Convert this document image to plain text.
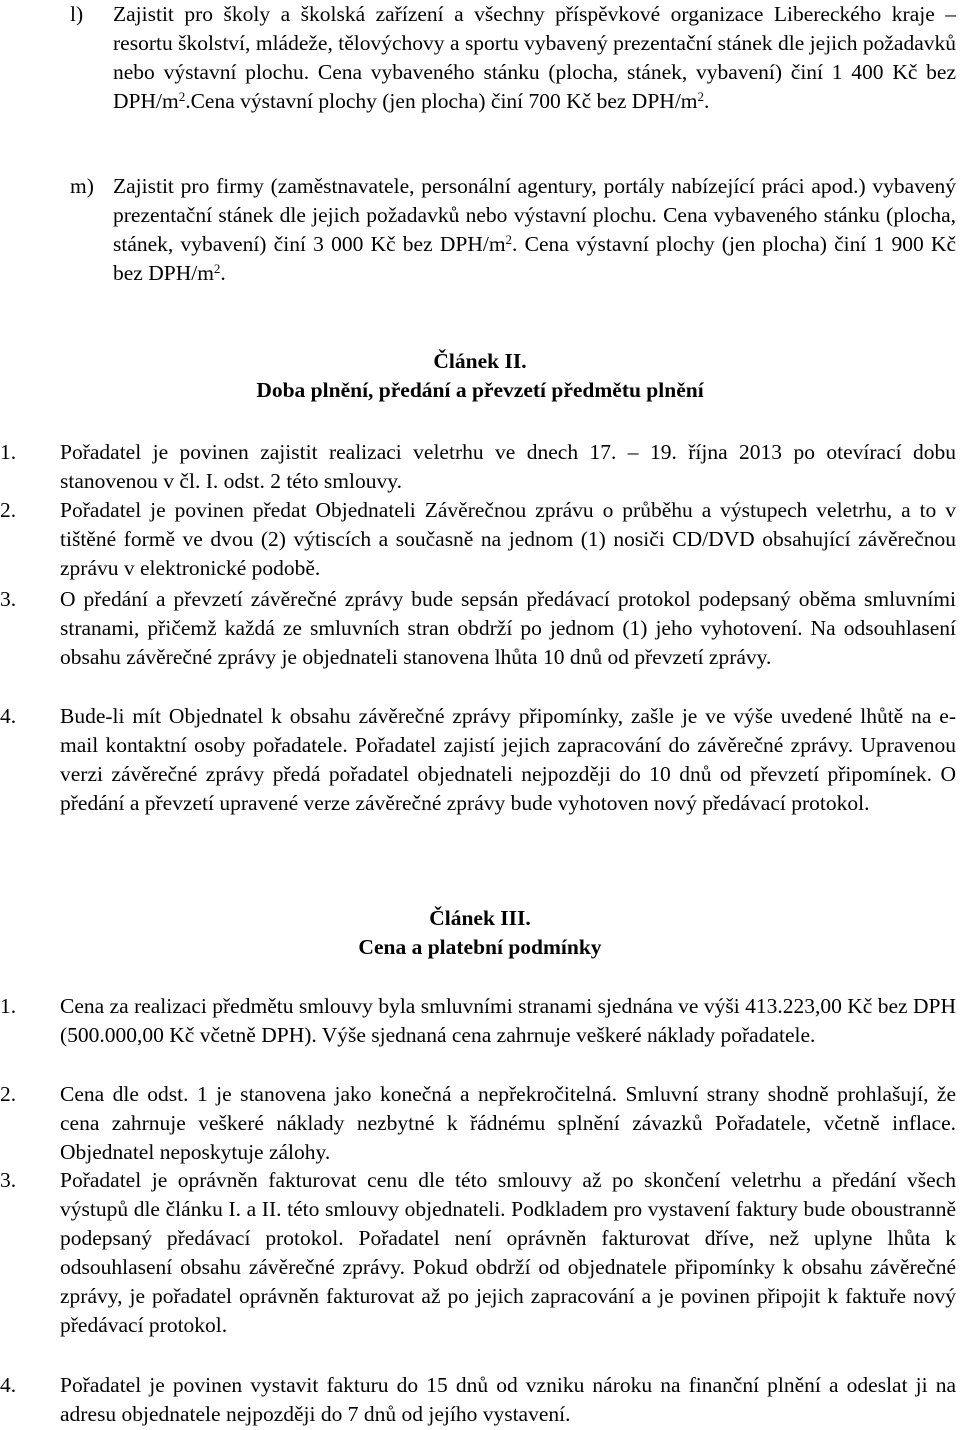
l) Zajistit pro školy a školská zařízení a všechny příspěvkové organizace Libereckého kraje – resortu školství, mládeže, tělovýchovy a sportu vybavený prezentační stánek dle jejich požadavků nebo výstavní plochu. Cena vybaveného stánku (plocha, stánek, vybavení) činí 1 400 Kč bez DPH/$m^2.Cena$ výstavní plochy (jen plocha) činí 700 Kč bez DPH/$m^2$.
m) Zajistit pro firmy (zaměstnavatele, personální agentury, portály nabízející práci apod.) vybavený prezentační stánek dle jejich požadavků nebo výstavní plochu. Cena vybaveného stánku (plocha, stánek, vybavení) činí 3 000 Kč bez DPH/$m^2$. Cena výstavní plochy (jen plocha) činí 1 900 Kč bez DPH/$m^2$.
Článek II.
Doba plnění, předání a převzetí předmětu plnění
1. Pořadatel je povinen zajistit realizaci veletrhu ve dnech 17. – 19. října 2013 po otevírací dobu stanovenou v čl. I. odst. 2 této smlouvy.
2. Pořadatel je povinen předat Objednateli Závěrečnou zprávu o průběhu a výstupech veletrhu, a to v tištěné formě ve dvou (2) výtiscích a současně na jednom (1) nosiči CD/DVD obsahující závěrečnou zprávu v elektronické podobě.
3. O předání a převzetí závěrečné zprávy bude sepsán předávací protokol podepsaný oběma smluvními stranami, přičemž každá ze smluvních stran obdrží po jednom (1) jeho vyhotovení. Na odsouhlasení obsahu závěrečné zprávy je objednateli stanovena lhůta 10 dnů od převzetí zprávy.
4. Bude-li mít Objednatel k obsahu závěrečné zprávy připomínky, zašle je ve výše uvedené lhůtě na e-mail kontaktní osoby pořadatele. Pořadatel zajistí jejich zapracování do závěrečné zprávy. Upravenou verzi závěrečné zprávy předá pořadatel objednateli nejpozději do 10 dnů od převzetí připomínek. O předání a převzetí upravené verze závěrečné zprávy bude vyhotoven nový předávací protokol.
Článek III.
Cena a platební podmínky
1. Cena za realizaci předmětu smlouvy byla smluvními stranami sjednána ve výši 413.223,00 Kč bez DPH (500.000,00 Kč včetně DPH). Výše sjednaná cena zahrnuje veškeré náklady pořadatele.
2. Cena dle odst. 1 je stanovena jako konečná a nepřekročitelná. Smluvní strany shodně prohlašují, že cena zahrnuje veškeré náklady nezbytné k řádnému splnění závazků Pořadatele, včetně inflace. Objednatel neposkytuje zálohy.
3. Pořadatel je oprávněn fakturovat cenu dle této smlouvy až po skončení veletrhu a předání všech výstupů dle článku I. a II. této smlouvy objednateli. Podkladem pro vystavení faktury bude oboustranně podepsaný předávací protokol. Pořadatel není oprávněn fakturovat dříve, než uplyne lhůta k odsouhlasení obsahu závěrečné zprávy. Pokud obdrží od objednatele připomínky k obsahu závěrečné zprávy, je pořadatel oprávněn fakturovat až po jejich zapracování a je povinen připojit k faktuře nový předávací protokol.
4. Pořadatel je povinen vystavit fakturu do 15 dnů od vzniku nároku na finanční plnění a odeslat ji na adresu objednatele nejpozději do 7 dnů od jejího vystavení.
